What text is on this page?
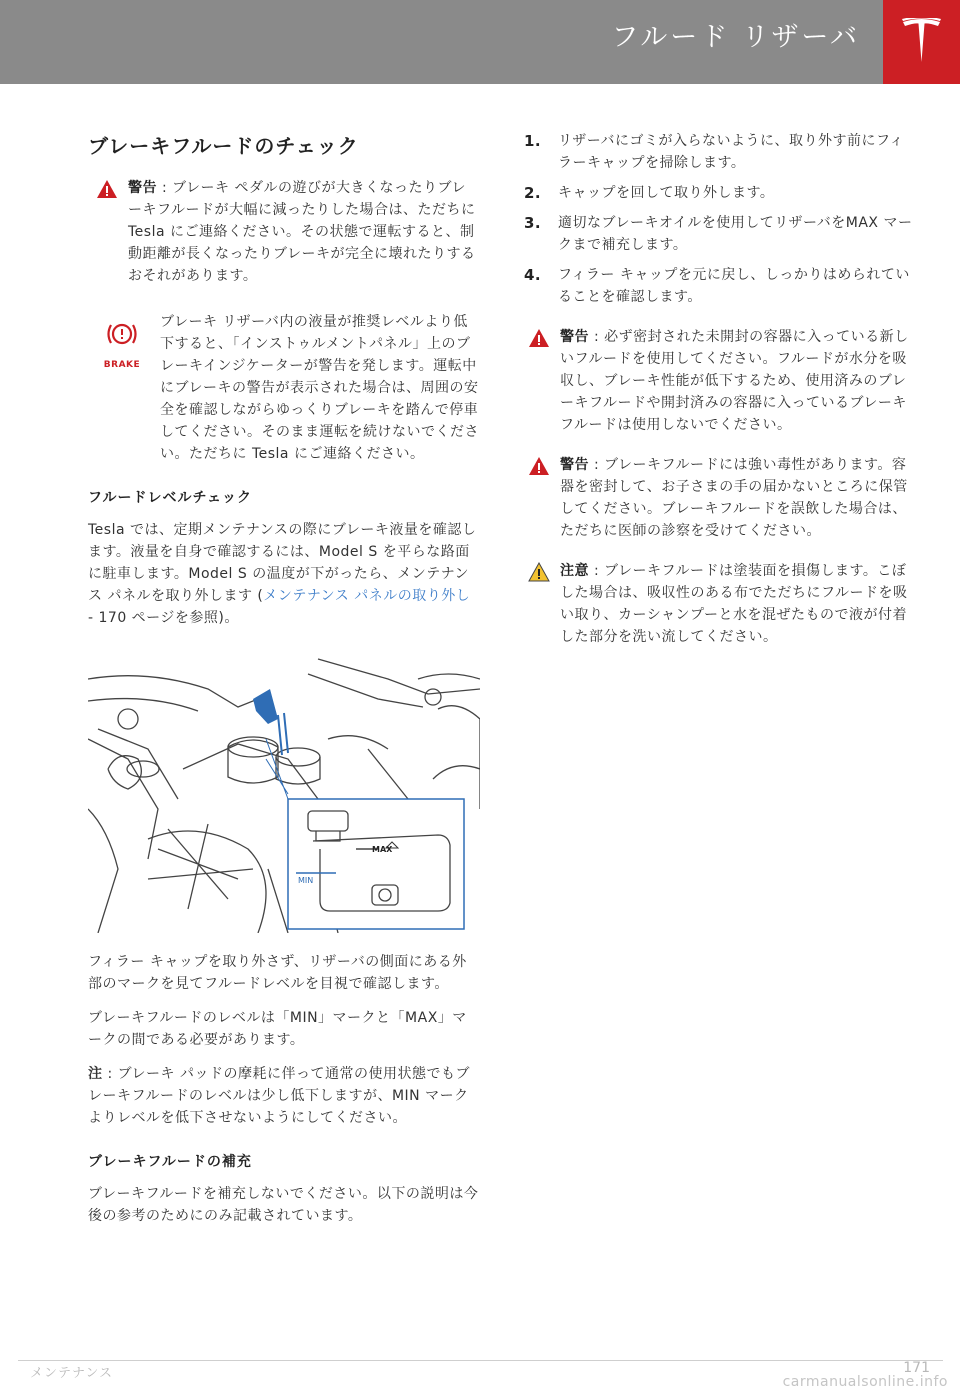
フルード リザーバ
ブレーキフルードのチェック
警告 : ブレーキ ペダルの遊びが大きくなったりブレーキフルードが大幅に減ったりした場合は、ただちに Tesla にご連絡ください。その状態で運転すると、制動距離が長くなったりブレーキが完全に壊れたりするおそれがあります。
BRAKE
ブレーキ リザーバ内の液量が推奨レベルより低下すると、「インストゥルメントパネル」上のブレーキインジケーターが警告を発します。運転中にブレーキの警告が表示された場合は、周囲の安全を確認しながらゆっくりブレーキを踏んで停車してください。そのまま運転を続けないでください。ただちに Tesla にご連絡ください。
フルードレベルチェック

Tesla では、定期メンテナンスの際にブレーキ液量を確認します。液量を自身で確認するには、Model S を平らな路面に駐車します。Model S の温度が下がったら、メンテナンス パネルを取り外します (メンテナンス パネルの取り外し - 170 ページを参照)。

MAX
MIN

フィラー キャップを取り外さず、リザーバの側面にある外部のマークを見てフルードレベルを目視で確認します。

ブレーキフルードのレベルは「MIN」マークと「MAX」マークの間である必要があります。

注 : ブレーキ パッドの摩耗に伴って通常の使用状態でもブレーキフルードのレベルは少し低下しますが、MIN マークよりレベルを低下させないようにしてください。

ブレーキフルードの補充

ブレーキフルードを補充しないでください。以下の説明は今後の参考のためにのみ記載されています。

1. リザーバにゴミが入らないように、取り外す前にフィラーキャップを掃除します。
2. キャップを回して取り外します。
3. 適切なブレーキオイルを使用してリザーバをMAX マークまで補充します。
4. フィラー キャップを元に戻し、しっかりはめられていることを確認します。
警告 : 必ず密封された未開封の容器に入っている新しいフルードを使用してください。フルードが水分を吸収し、ブレーキ性能が低下するため、使用済みのブレーキフルードや開封済みの容器に入っているブレーキフルードは使用しないでください。
警告 : ブレーキフルードには強い毒性があります。容器を密封して、お子さまの手の届かないところに保管してください。ブレーキフルードを誤飲した場合は、ただちに医師の診察を受けてください。
注意 : ブレーキフルードは塗装面を損傷します。こぼした場合は、吸収性のある布でただちにフルードを吸い取り、カーシャンプーと水を混ぜたもので液が付着した部分を洗い流してください。
メンテナンス	171
carmanualsonline.info
